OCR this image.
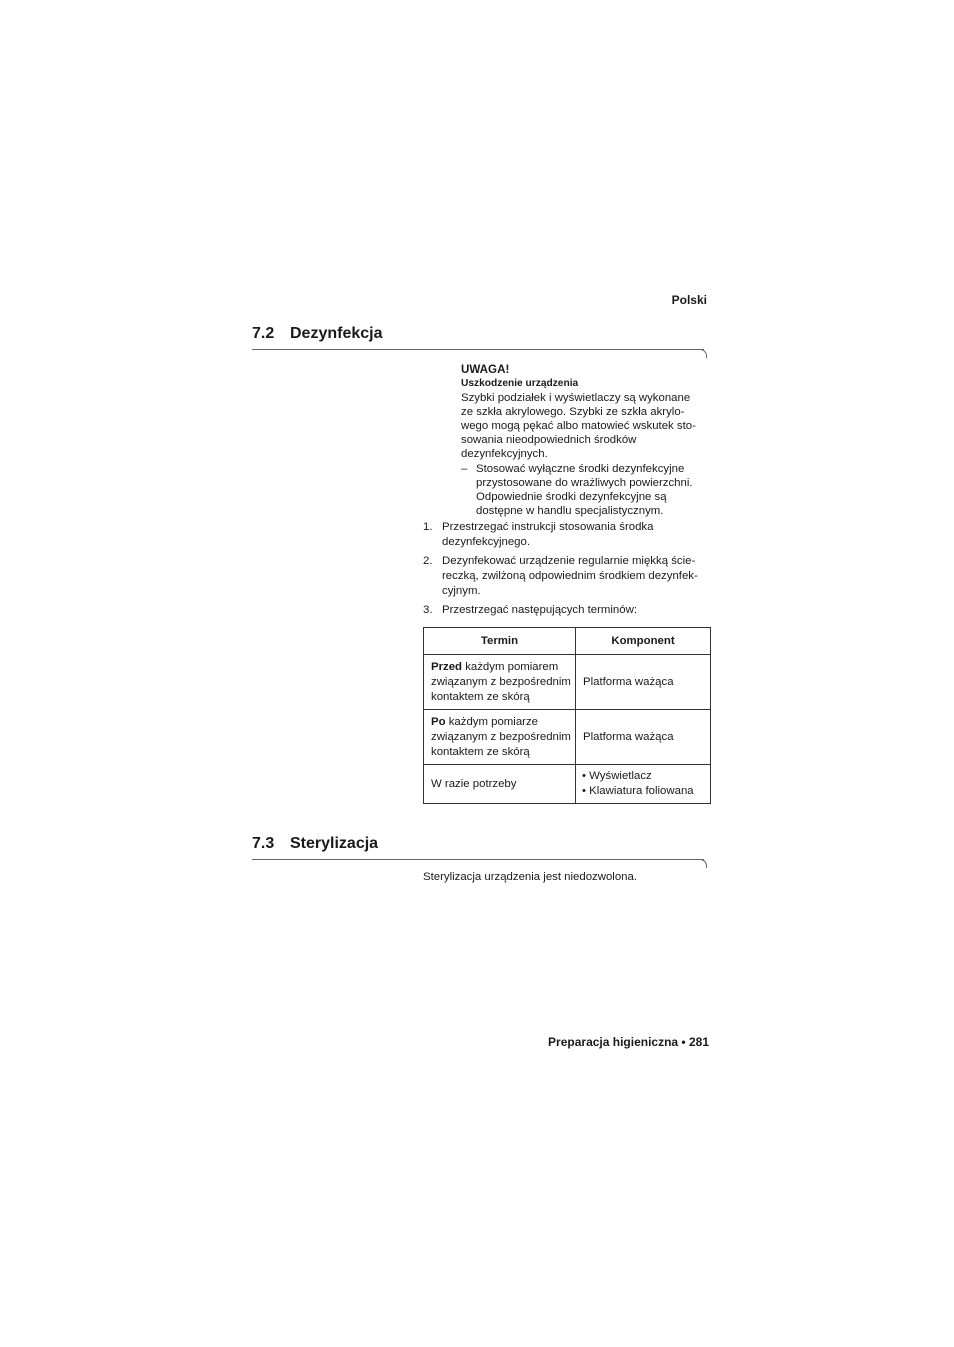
Polski
7.2 Dezynfekcja
UWAGA!
Uszkodzenie urządzenia
Szybki podziałek i wyświetlaczy są wykonane
ze szkła akrylowego. Szybki ze szkła akrylo-
wego mogą pękać albo matowieć wskutek sto-
sowania nieodpowiednich środków
dezynfekcyjnych.
– Stosować wyłączne środki dezynfekcyjne
przystosowane do wrażliwych powierzchni.
Odpowiednie środki dezynfekcyjne są
dostępne w handlu specjalistycznym.
1. Przestrzegać instrukcji stosowania środka
dezynfekcyjnego.
2. Dezynfekować urządzenie regularnie miękką ście-
reczką, zwilżoną odpowiednim środkiem dezynfek-
cyjnym.
3. Przestrzegać następujących terminów:
Termin	Komponent
Przed każdym pomiarem
związanym z bezpośrednim
kontaktem ze skórą	Platforma ważąca
Po każdym pomiarze
związanym z bezpośrednim
kontaktem ze skórą	Platforma ważąca
W razie potrzeby	• Wyświetlacz
• Klawiatura foliowana
7.3 Sterylizacja
Sterylizacja urządzenia jest niedozwolona.
Preparacja higieniczna • 281
